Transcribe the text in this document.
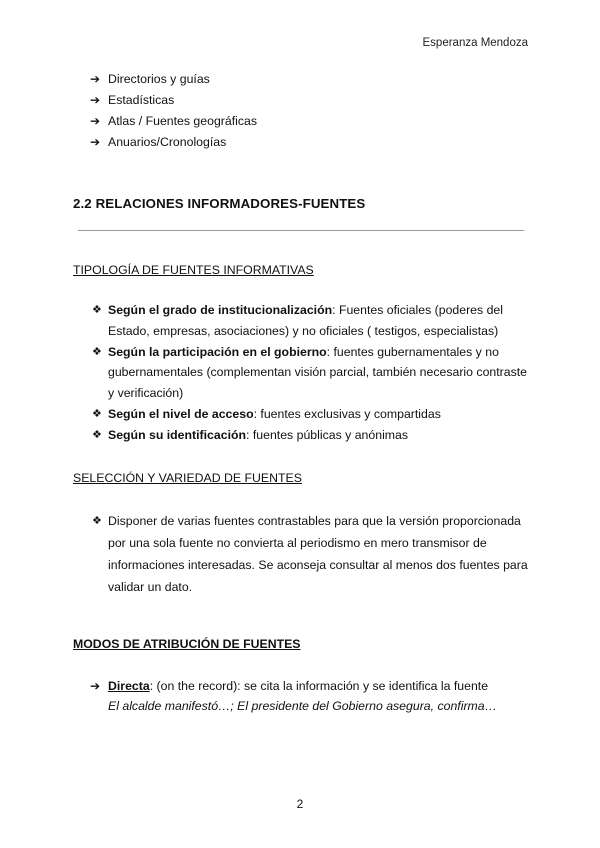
Esperanza Mendoza
➔ Directorios y guías
➔ Estadísticas
➔ Atlas / Fuentes geográficas
➔ Anuarios/Cronologías
2.2 RELACIONES INFORMADORES-FUENTES
TIPOLOGÍA DE FUENTES INFORMATIVAS
❖ Según el grado de institucionalización: Fuentes oficiales (poderes del Estado, empresas, asociaciones) y no oficiales ( testigos, especialistas)
❖ Según la participación en el gobierno: fuentes gubernamentales y no gubernamentales (complementan visión parcial, también necesario contraste y verificación)
❖ Según el nivel de acceso: fuentes exclusivas y compartidas
❖ Según su identificación: fuentes públicas y anónimas
SELECCIÓN Y VARIEDAD DE FUENTES
❖ Disponer de varias fuentes contrastables para que la versión proporcionada por una sola fuente no convierta al periodismo en mero transmisor de informaciones interesadas. Se aconseja consultar al menos dos fuentes para validar un dato.
MODOS DE ATRIBUCIÓN DE FUENTES
➔ Directa: (on the record): se cita la información y se identifica la fuente
El alcalde manifestó…; El presidente del Gobierno asegura, confirma…
2
